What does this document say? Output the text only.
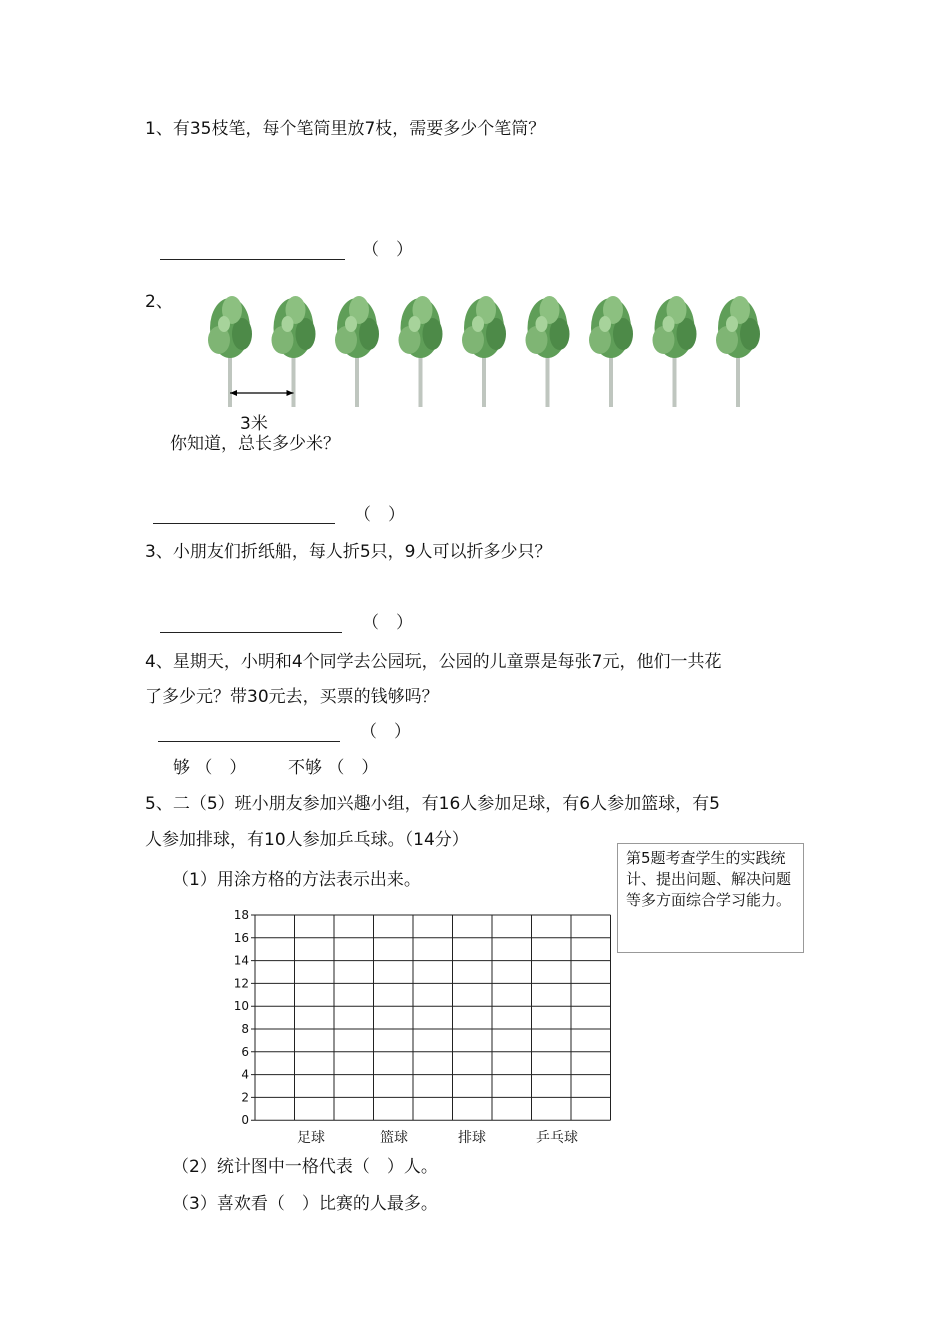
1、有35枝笔，每个笔筒里放7枝，需要多少个笔筒？
（　）
2、
3米
你知道，总长多少米？
（　）
3、小朋友们折纸船，每人折5只，9人可以折多少只？
（　）
4、星期天，小明和4个同学去公园玩，公园的儿童票是每张7元，他们一共花
了多少元？带30元去，买票的钱够吗？
（　）
够 （　） 不够 （　）
5、二（5）班小朋友参加兴趣小组，有16人参加足球，有6人参加篮球，有5
人参加排球，有10人参加乒乓球。（14分）
第5题考查学生的实践统计、提出问题、解决问题等多方面综合学习能力。
（1）用涂方格的方法表示出来。
0
2
4
6
8
10
12
14
16
18
足球	篮球	排球	乒乓球
（2）统计图中一格代表（　）人。
（3）喜欢看（　）比赛的人最多。
